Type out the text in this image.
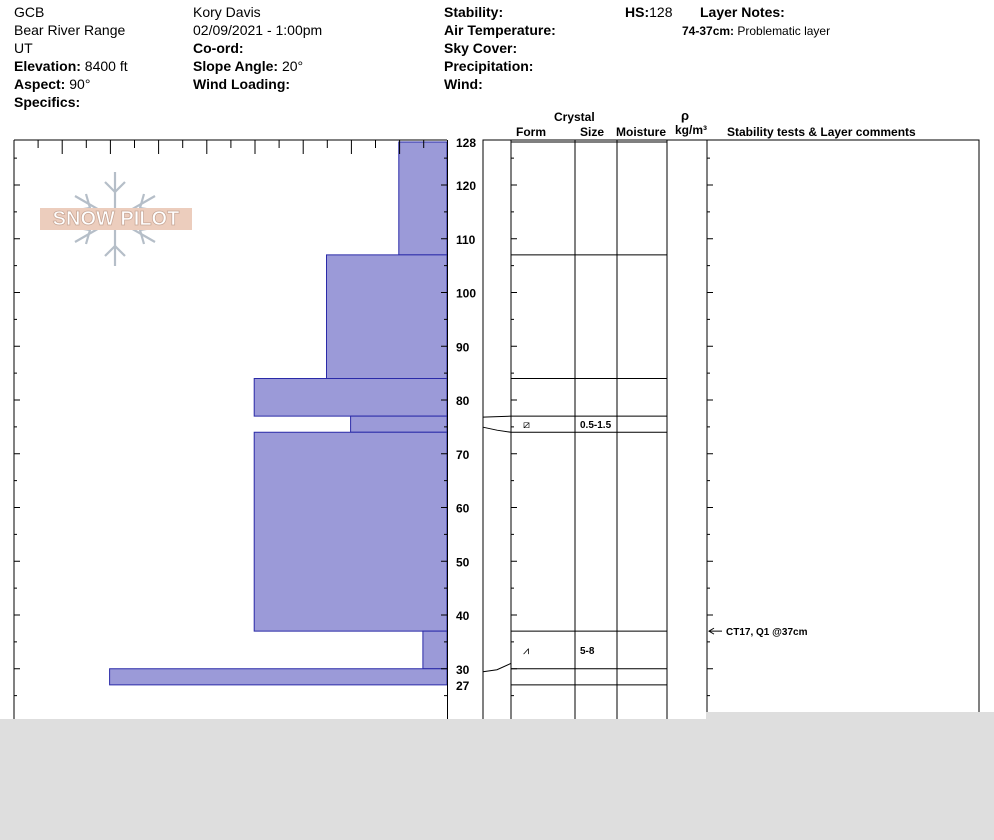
GCB
Bear River Range
UT
Elevation: 8400 ft
Aspect: 90°
Specifics:
Kory Davis
02/09/2021 - 1:00pm
Co-ord:
Slope Angle: 20°
Wind Loading:
Stability:
Air Temperature:
Sky Cover:
Precipitation:
Wind:
HS:128 Layer Notes:
74-37cm: Problematic layer
Crystal
Form	Size Moisture
ρ
kg/m³ Stability tests & Layer comments
SNOW PILOT
30
40
50
60
70
80
90
100
110
120
128
27
⧄	0.5-1.5
⩘	5-8
CT17, Q1 @37cm
